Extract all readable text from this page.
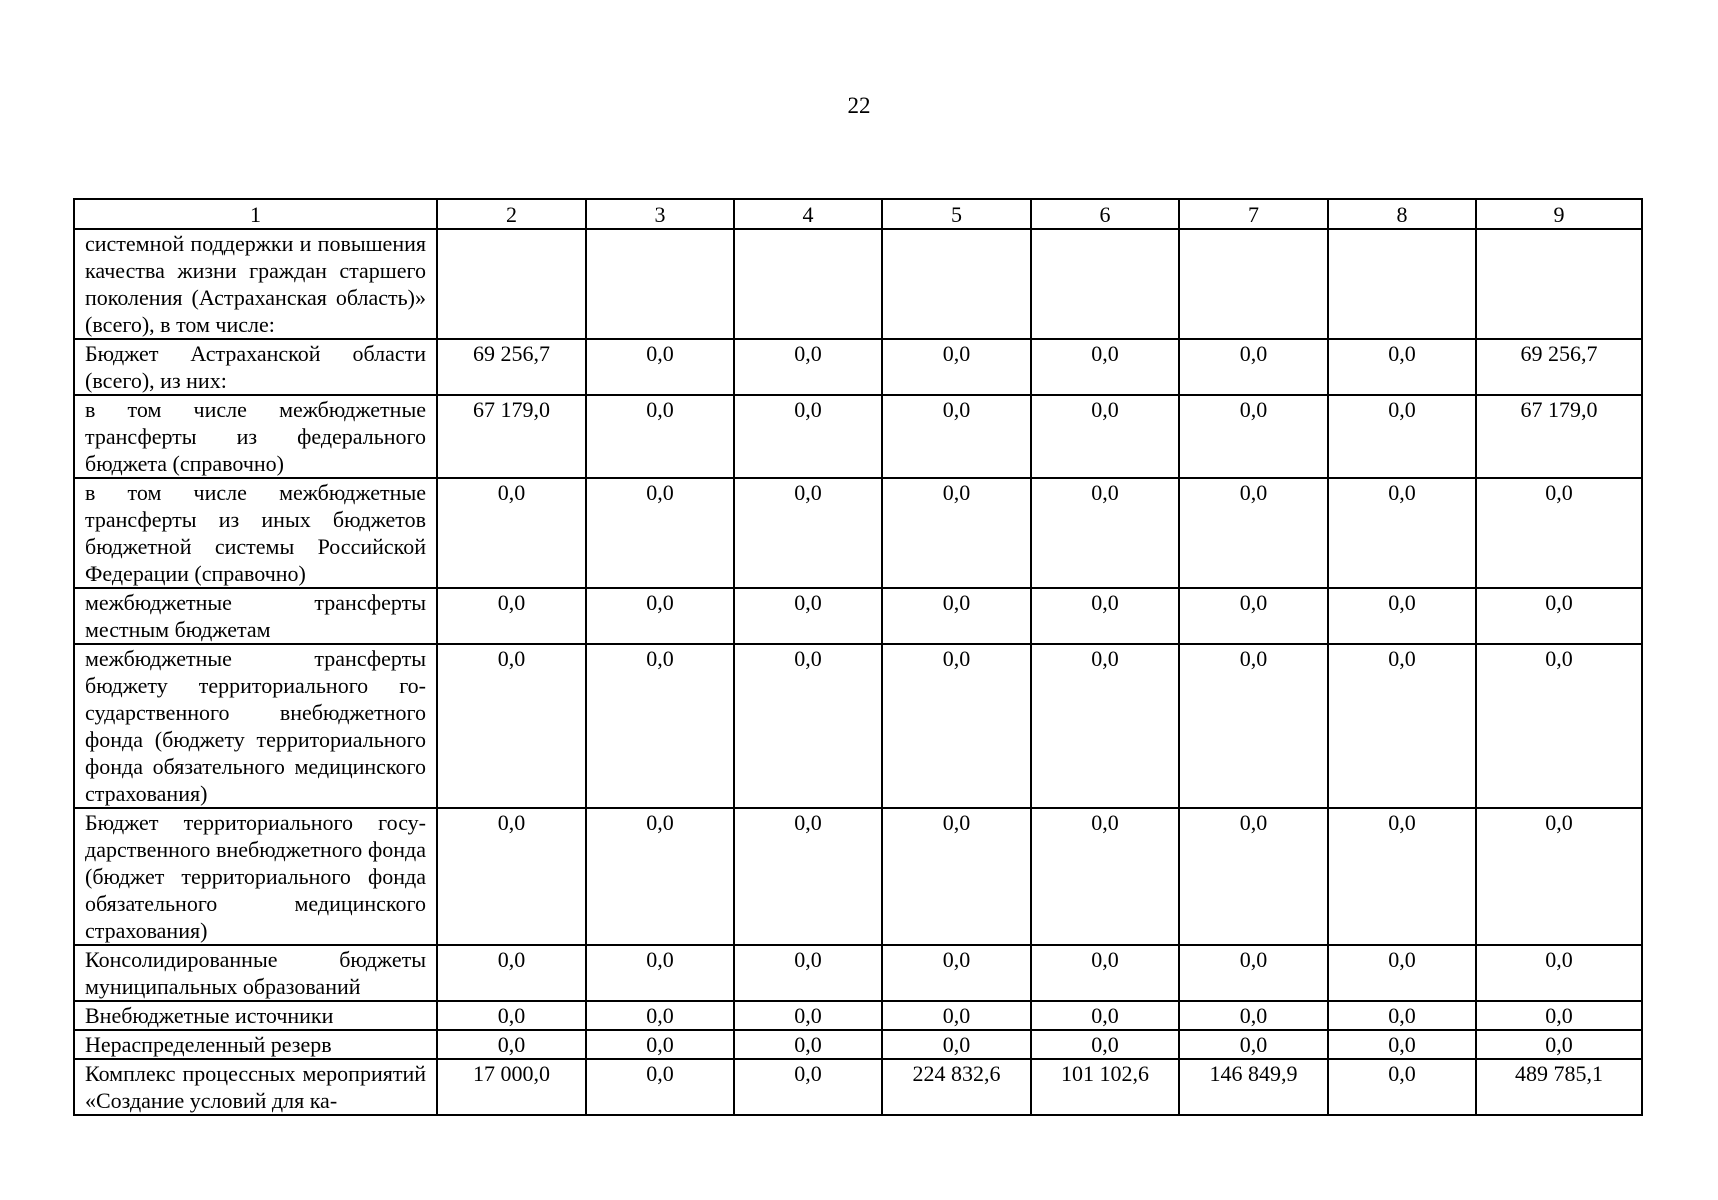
22
1	2	3	4	5	6	7	8	9
системной поддержки и повышения качества жизни граждан старшего поколения (Астраханская область)» (всего), в том числе:								
Бюджет Астраханской области (всего), из них:	69 256,7	0,0	0,0	0,0	0,0	0,0	0,0	69 256,7
в том числе межбюджетные трансферты из федерального бюджета (справочно)	67 179,0	0,0	0,0	0,0	0,0	0,0	0,0	67 179,0
в том числе межбюджетные трансферты из иных бюджетов бюджетной системы Российской Федерации (справочно)	0,0	0,0	0,0	0,0	0,0	0,0	0,0	0,0
межбюджетные трансферты местным бюджетам	0,0	0,0	0,0	0,0	0,0	0,0	0,0	0,0
межбюджетные трансферты бюджету территориального государственного внебюджетного фонда (бюджету территориального фонда обязательного медицинского страхования)	0,0	0,0	0,0	0,0	0,0	0,0	0,0	0,0
Бюджет территориального государственного внебюджетного фонда (бюджет территориального фонда обязательного медицинского страхования)	0,0	0,0	0,0	0,0	0,0	0,0	0,0	0,0
Консолидированные бюджеты муниципальных образований	0,0	0,0	0,0	0,0	0,0	0,0	0,0	0,0
Внебюджетные источники	0,0	0,0	0,0	0,0	0,0	0,0	0,0	0,0
Нераспределенный резерв	0,0	0,0	0,0	0,0	0,0	0,0	0,0	0,0
Комплекс процессных мероприятий «Создание условий для ка-	17 000,0	0,0	0,0	224 832,6	101 102,6	146 849,9	0,0	489 785,1
